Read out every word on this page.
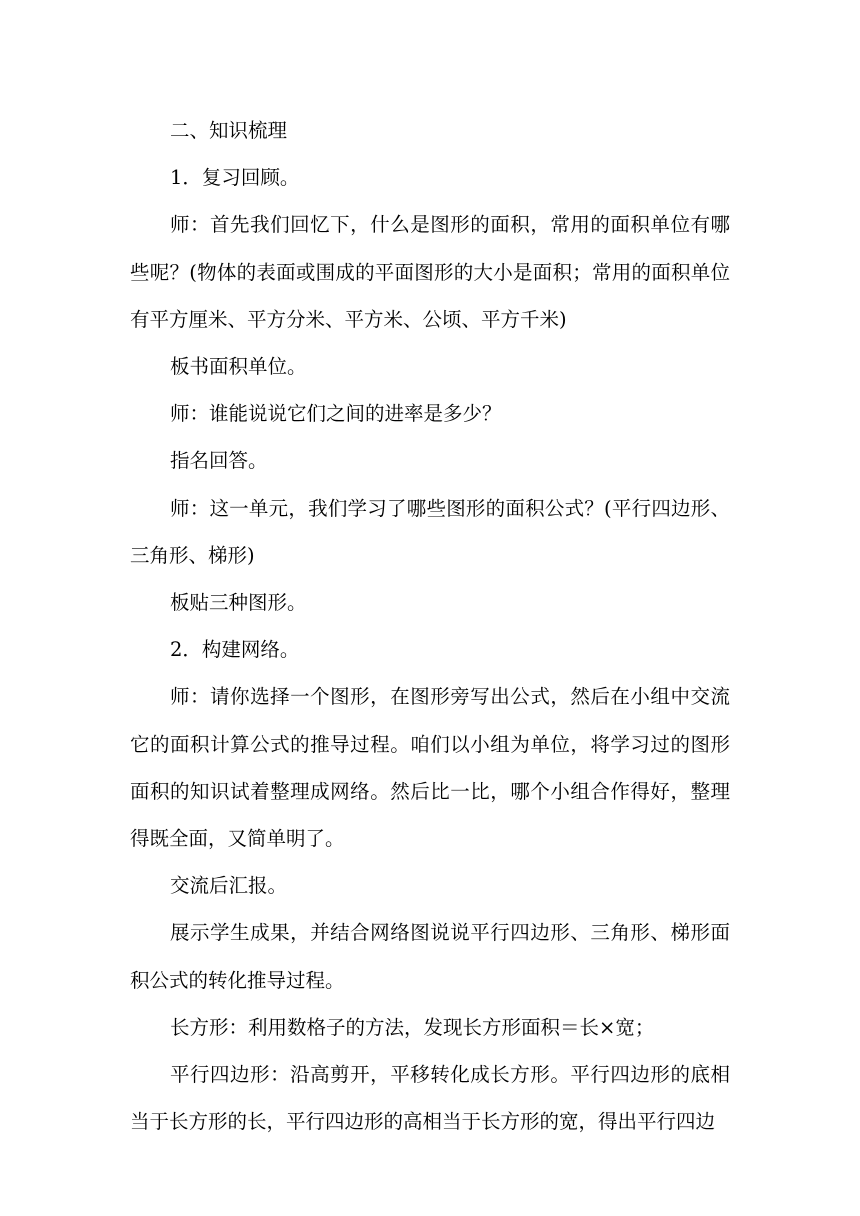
二、知识梳理

1．复习回顾。

师：首先我们回忆下，什么是图形的面积，常用的面积单位有哪些呢？(物体的表面或围成的平面图形的大小是面积；常用的面积单位有平方厘米、平方分米、平方米、公顷、平方千米)

板书面积单位。

师：谁能说说它们之间的进率是多少？

指名回答。

师：这一单元，我们学习了哪些图形的面积公式？(平行四边形、三角形、梯形)

板贴三种图形。

2．构建网络。

师：请你选择一个图形，在图形旁写出公式，然后在小组中交流它的面积计算公式的推导过程。咱们以小组为单位，将学习过的图形面积的知识试着整理成网络。然后比一比，哪个小组合作得好，整理得既全面，又简单明了。

交流后汇报。

展示学生成果，并结合网络图说说平行四边形、三角形、梯形面积公式的转化推导过程。

长方形：利用数格子的方法，发现长方形面积＝长×宽；

平行四边形：沿高剪开，平移转化成长方形。平行四边形的底相当于长方形的长，平行四边形的高相当于长方形的宽，得出平行四边
